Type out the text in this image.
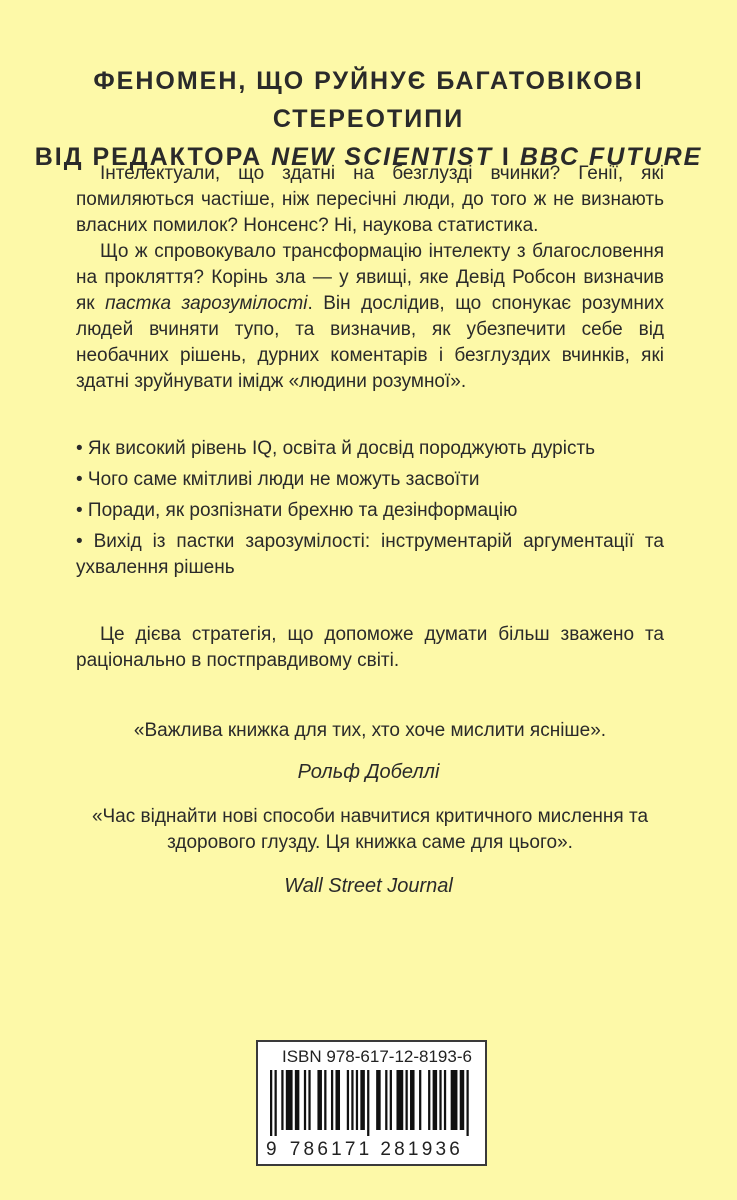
ФЕНОМЕН, ЩО РУЙНУЄ БАГАТОВІКОВІ СТЕРЕОТИПИ
ВІД РЕДАКТОРА NEW SCIENTIST І BBC FUTURE

Інтелектуали, що здатні на безглузді вчинки? Генії, які помиляються частіше, ніж пересічні люди, до того ж не визнають власних помилок? Нонсенс? Ні, наукова статистика.

Що ж спровокувало трансформацію інтелекту з благословення на прокляття? Корінь зла — у явищі, яке Девід Робсон визначив як пастка зарозумілості. Він дослідив, що спонукає розумних людей вчиняти тупо, та визначив, як убезпечити себе від необачних рішень, дурних коментарів і безглуздих вчинків, які здатні зруйнувати імідж «людини розумної».

• Як високий рівень IQ, освіта й досвід породжують дурість

• Чого саме кмітливі люди не можуть засвоїти

• Поради, як розпізнати брехню та дезінформацію

• Вихід із пастки зарозумілості: інструментарій аргументації та ухвалення рішень

Це дієва стратегія, що допоможе думати більш зважено та раціонально в постправдивому світі.

«Важлива книжка для тих, хто хоче мислити ясніше».
Рольф Добеллі
«Час віднайти нові способи навчитися критичного мислення та здорового глузду. Ця книжка саме для цього».
Wall Street Journal
ISBN 978-617-12-8193-6
9 786171 281936
